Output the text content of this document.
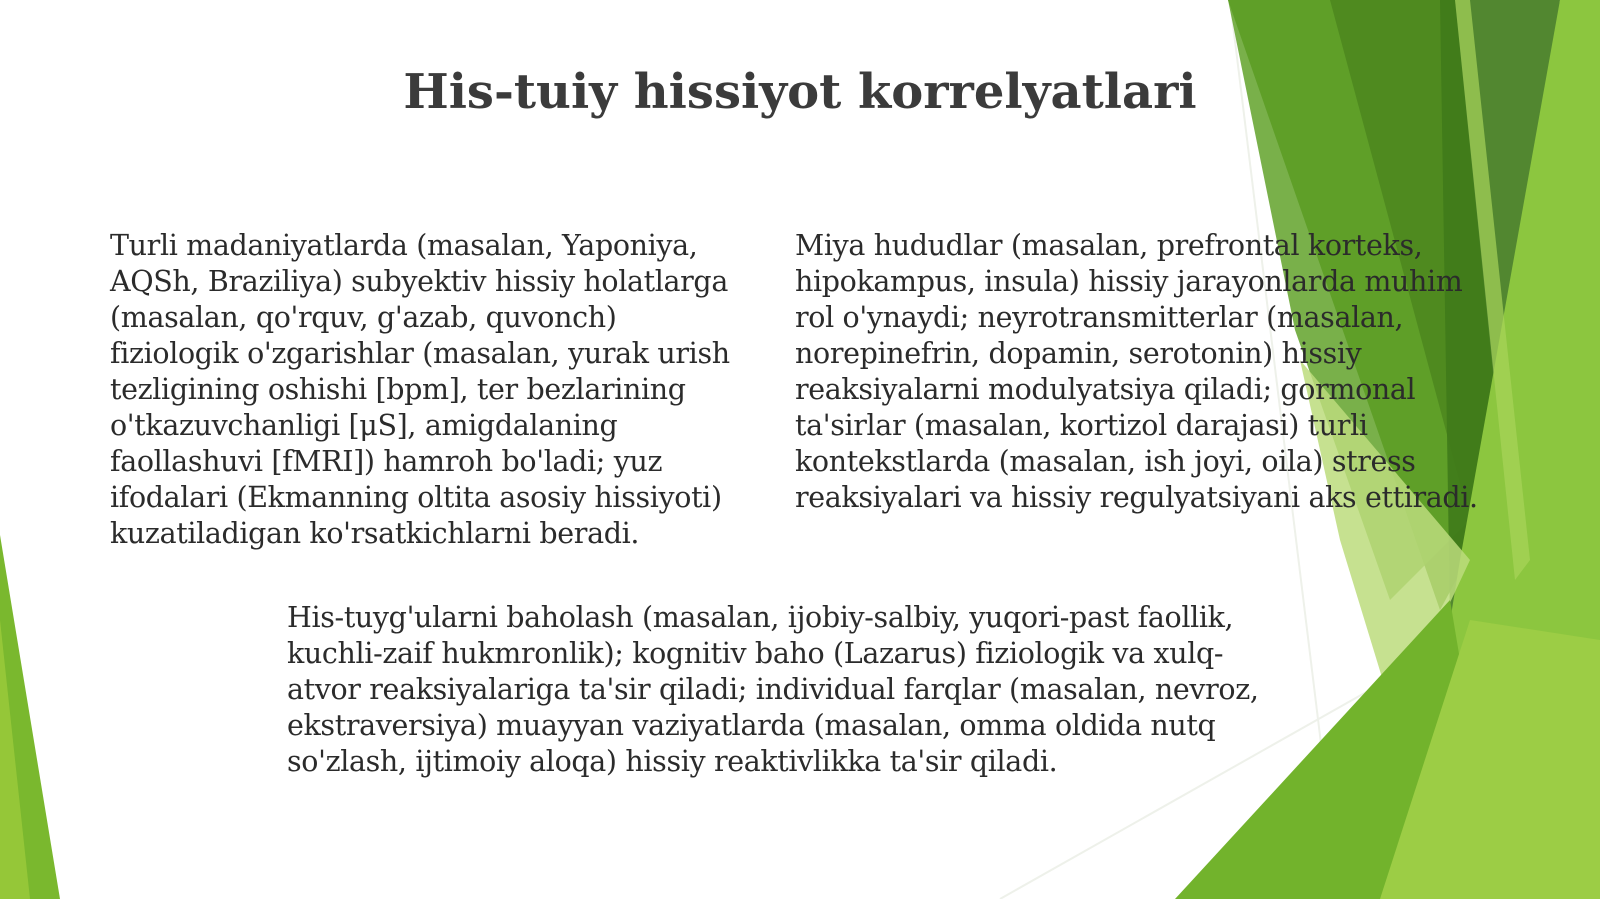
His-tuiy hissiyot korrelyatlari

Turli madaniyatlarda (masalan, Yaponiya,
AQSh, Braziliya) subyektiv hissiy holatlarga
(masalan, qo'rquv, g'azab, quvonch)
fiziologik o'zgarishlar (masalan, yurak urish
tezligining oshishi [bpm], ter bezlarining
o'tkazuvchanligi [μS], amigdalaning
faollashuvi [fMRI]) hamroh bo'ladi; yuz
ifodalari (Ekmanning oltita asosiy hissiyoti)
kuzatiladigan ko'rsatkichlarni beradi.

Miya hududlar (masalan, prefrontal korteks,
hipokampus, insula) hissiy jarayonlarda muhim
rol o'ynaydi; neyrotransmitterlar (masalan,
norepinefrin, dopamin, serotonin) hissiy
reaksiyalarni modulyatsiya qiladi; gormonal
ta'sirlar (masalan, kortizol darajasi) turli
kontekstlarda (masalan, ish joyi, oila) stress
reaksiyalari va hissiy regulyatsiyani aks ettiradi.

His-tuyg'ularni baholash (masalan, ijobiy-salbiy, yuqori-past faollik,
kuchli-zaif hukmronlik); kognitiv baho (Lazarus) fiziologik va xulq-
atvor reaksiyalariga ta'sir qiladi; individual farqlar (masalan, nevroz,
ekstraversiya) muayyan vaziyatlarda (masalan, omma oldida nutq
so'zlash, ijtimoiy aloqa) hissiy reaktivlikka ta'sir qiladi.
